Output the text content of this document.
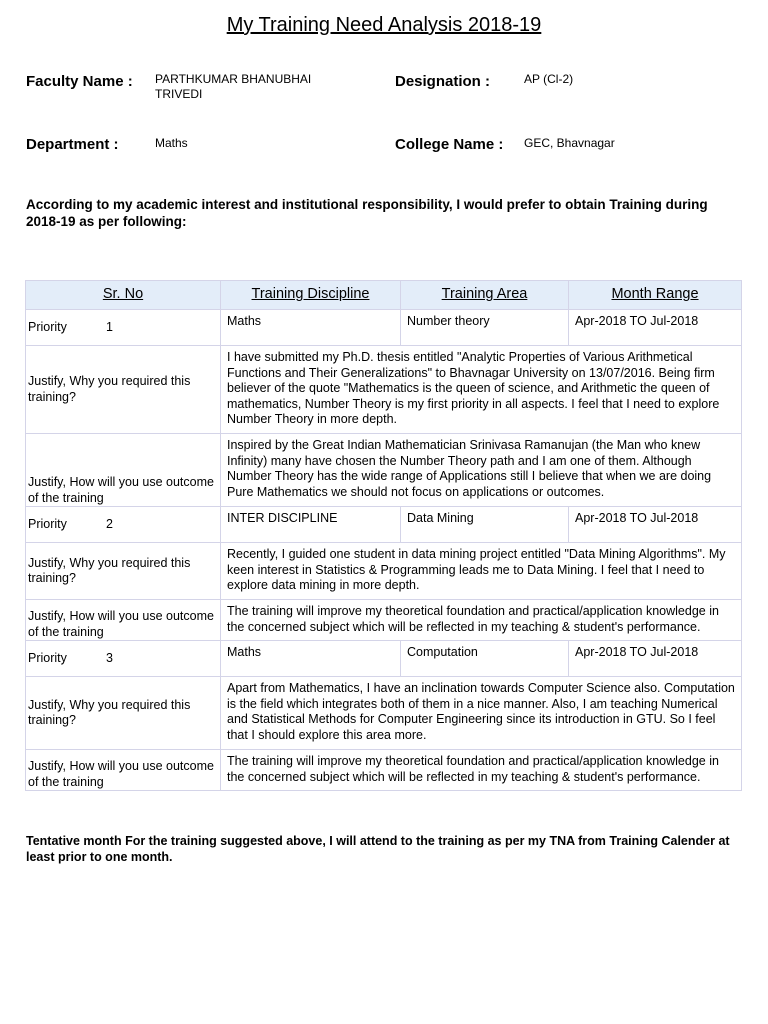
My Training Need Analysis 2018-19
Faculty Name : PARTHKUMAR BHANUBHAI
TRIVEDI
Designation :	AP (Cl-2)
Department :	Maths	College Name : GEC, Bhavnagar
According to my academic interest and institutional responsibility, I would prefer to obtain Training during 2018-19 as per following:
Sr. No	Training Discipline	Training Area	Month Range
Priority 1	Maths	Number theory	Apr-2018 TO Jul-2018
Justify, Why you required this training?	I have submitted my Ph.D. thesis entitled "Analytic Properties of Various Arithmetical Functions and Their Generalizations" to Bhavnagar University on 13/07/2016. Being firm believer of the quote "Mathematics is the queen of science, and Arithmetic the queen of mathematics, Number Theory is my first priority in all aspects. I feel that I need to explore Number Theory in more depth.		
Justify, How will you use outcome of the training	Inspired by the Great Indian Mathematician Srinivasa Ramanujan (the Man who knew Infinity) many have chosen the Number Theory path and I am one of them. Although Number Theory has the wide range of Applications still I believe that when we are doing Pure Mathematics we should not focus on applications or outcomes.		
Priority 2	INTER DISCIPLINE	Data Mining	Apr-2018 TO Jul-2018
Justify, Why you required this training?	Recently, I guided one student in data mining project entitled "Data Mining Algorithms". My keen interest in Statistics & Programming leads me to Data Mining. I feel that I need to explore data mining in more depth.		
Justify, How will you use outcome of the training	The training will improve my theoretical foundation and practical/application knowledge in the concerned subject which will be reflected in my teaching & student's performance.		
Priority 3	Maths	Computation	Apr-2018 TO Jul-2018
Justify, Why you required this training?	Apart from Mathematics, I have an inclination towards Computer Science also. Computation is the field which integrates both of them in a nice manner. Also, I am teaching Numerical and Statistical Methods for Computer Engineering since its introduction in GTU. So I feel that I should explore this area more.		
Justify, How will you use outcome of the training	The training will improve my theoretical foundation and practical/application knowledge in the concerned subject which will be reflected in my teaching & student's performance.		
Tentative month For the training suggested above, I will attend to the training as per my TNA from Training Calender at least prior to one month.
